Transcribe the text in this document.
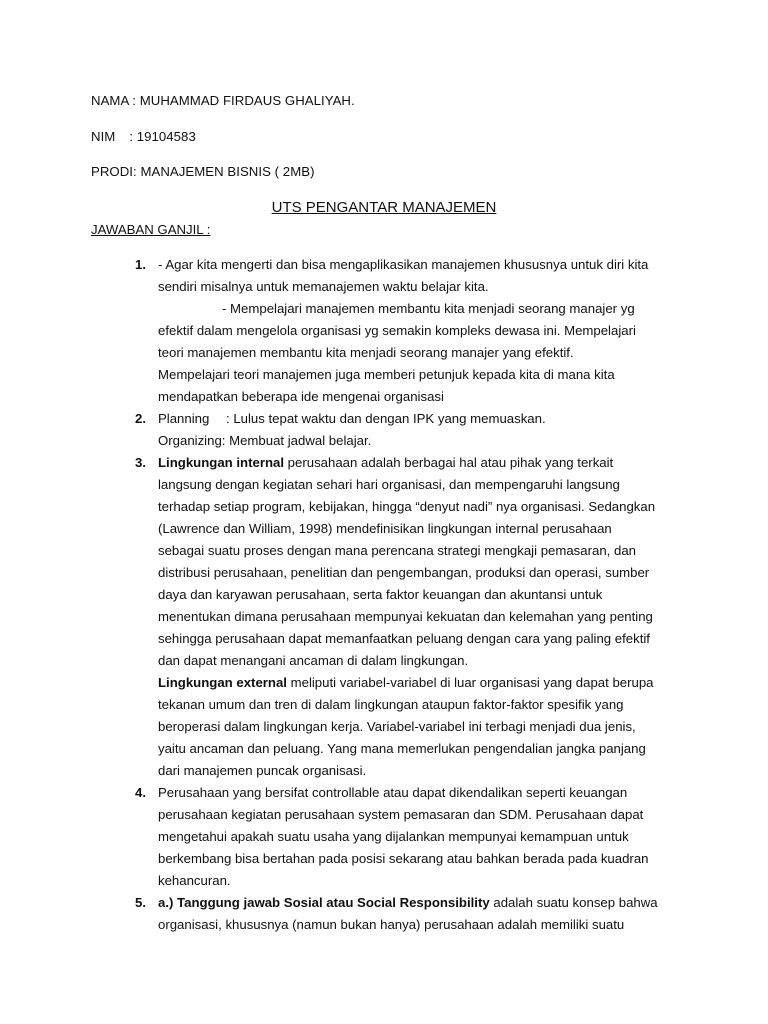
NAMA : MUHAMMAD FIRDAUS GHALIYAH.
NIM : 19104583
PRODI: MANAJEMEN BISNIS ( 2MB)
UTS PENGANTAR MANAJEMEN
JAWABAN GANJIL :
1. - Agar kita mengerti dan bisa mengaplikasikan manajemen khususnya untuk diri kita
sendiri misalnya untuk memanajemen waktu belajar kita.
- Mempelajari manajemen membantu kita menjadi seorang manajer yg
efektif dalam mengelola organisasi yg semakin kompleks dewasa ini. Mempelajari
teori manajemen membantu kita menjadi seorang manajer yang efektif.
Mempelajari teori manajemen juga memberi petunjuk kepada kita di mana kita
mendapatkan beberapa ide mengenai organisasi
2. Planning : Lulus tepat waktu dan dengan IPK yang memuaskan.
Organizing: Membuat jadwal belajar.
3. Lingkungan internal perusahaan adalah berbagai hal atau pihak yang terkait
langsung dengan kegiatan sehari hari organisasi, dan mempengaruhi langsung
terhadap setiap program, kebijakan, hingga “denyut nadi” nya organisasi. Sedangkan
(Lawrence dan William, 1998) mendefinisikan lingkungan internal perusahaan
sebagai suatu proses dengan mana perencana strategi mengkaji pemasaran, dan
distribusi perusahaan, penelitian dan pengembangan, produksi dan operasi, sumber
daya dan karyawan perusahaan, serta faktor keuangan dan akuntansi untuk
menentukan dimana perusahaan mempunyai kekuatan dan kelemahan yang penting
sehingga perusahaan dapat memanfaatkan peluang dengan cara yang paling efektif
dan dapat menangani ancaman di dalam lingkungan.
Lingkungan external meliputi variabel-variabel di luar organisasi yang dapat berupa
tekanan umum dan tren di dalam lingkungan ataupun faktor-faktor spesifik yang
beroperasi dalam lingkungan kerja. Variabel-variabel ini terbagi menjadi dua jenis,
yaitu ancaman dan peluang. Yang mana memerlukan pengendalian jangka panjang
dari manajemen puncak organisasi.
4. Perusahaan yang bersifat controllable atau dapat dikendalikan seperti keuangan
perusahaan kegiatan perusahaan system pemasaran dan SDM. Perusahaan dapat
mengetahui apakah suatu usaha yang dijalankan mempunyai kemampuan untuk
berkembang bisa bertahan pada posisi sekarang atau bahkan berada pada kuadran
kehancuran.
5. a.) Tanggung jawab Sosial atau Social Responsibility adalah suatu konsep bahwa
organisasi, khususnya (namun bukan hanya) perusahaan adalah memiliki suatu
